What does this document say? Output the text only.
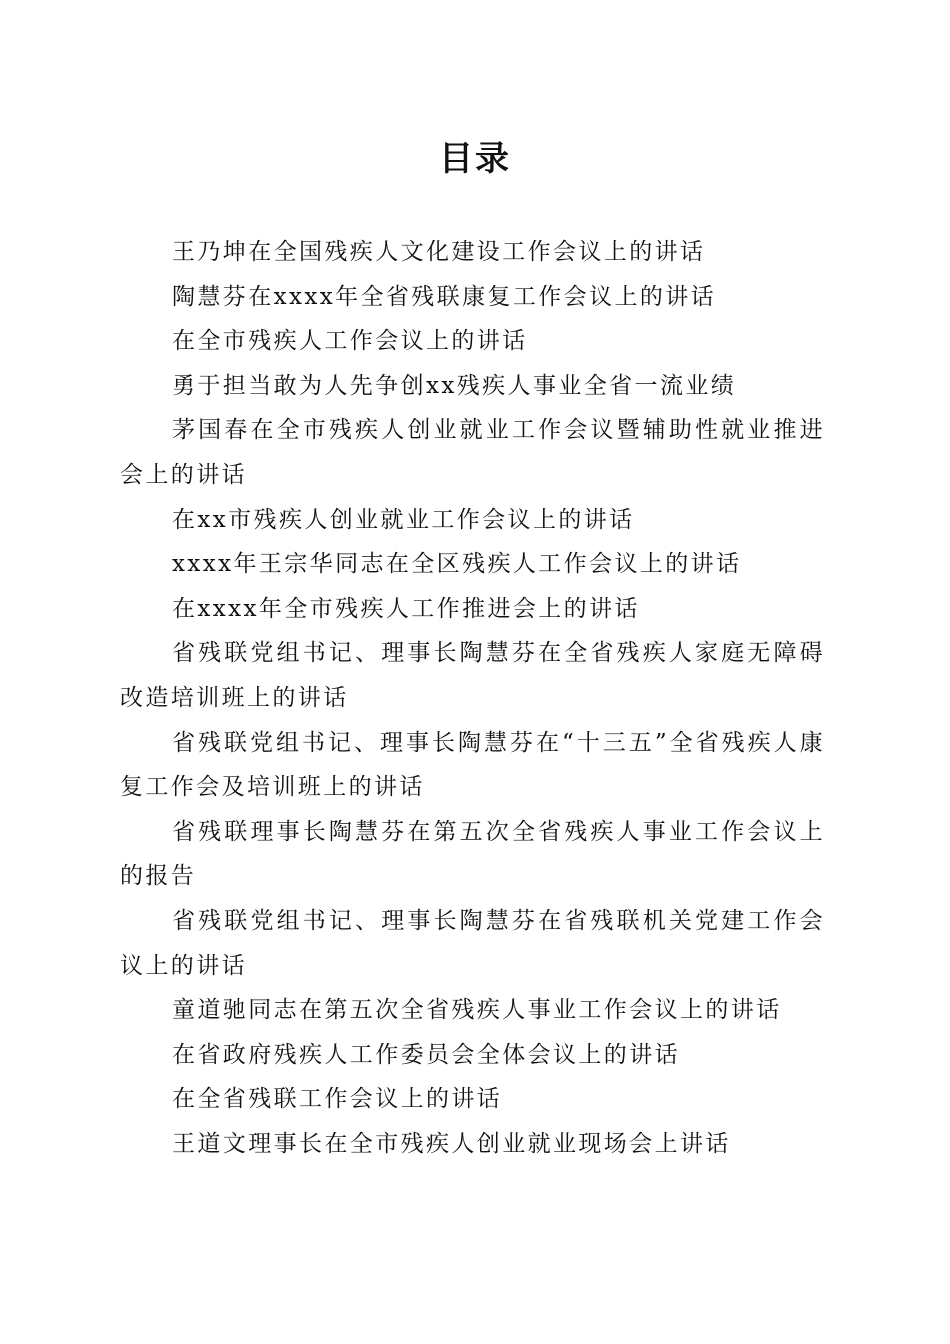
目录
王乃坤在全国残疾人文化建设工作会议上的讲话
陶慧芬在xxxx年全省残联康复工作会议上的讲话
在全市残疾人工作会议上的讲话
勇于担当敢为人先争创xx残疾人事业全省一流业绩
茅国春在全市残疾人创业就业工作会议暨辅助性就业推进会上的讲话
在xx市残疾人创业就业工作会议上的讲话
xxxx年王宗华同志在全区残疾人工作会议上的讲话
在xxxx年全市残疾人工作推进会上的讲话
省残联党组书记、理事长陶慧芬在全省残疾人家庭无障碍改造培训班上的讲话
省残联党组书记、理事长陶慧芬在“十三五”全省残疾人康复工作会及培训班上的讲话
省残联理事长陶慧芬在第五次全省残疾人事业工作会议上的报告
省残联党组书记、理事长陶慧芬在省残联机关党建工作会议上的讲话
童道驰同志在第五次全省残疾人事业工作会议上的讲话
在省政府残疾人工作委员会全体会议上的讲话
在全省残联工作会议上的讲话
王道文理事长在全市残疾人创业就业现场会上讲话
